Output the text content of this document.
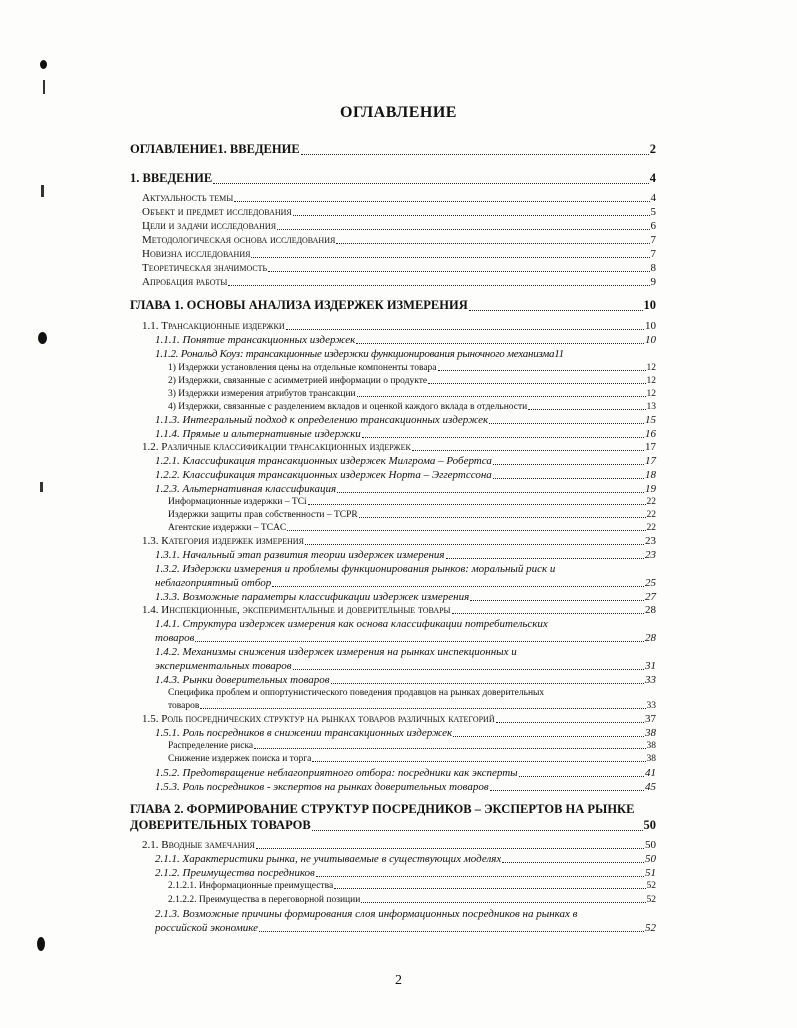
ОГЛАВЛЕНИЕ
ОГЛАВЛЕНИЕ1. ВВЕДЕНИЕ	2
1. ВВЕДЕНИЕ	4
Актуальность темы	4
Объект и предмет исследования	5
Цели и задачи исследования	6
Методологическая основа исследования	7
Новизна исследования	7
Теоретическая значимость	8
Апробация работы	9
ГЛАВА 1. ОСНОВЫ АНАЛИЗА ИЗДЕРЖЕК ИЗМЕРЕНИЯ	10
1.1. Трансакционные издержки	10
1.1.1. Понятие трансакционных издержек	10
1.1.2. Рональд Коуз: трансакционные издержки функционирования рыночного механизма 11
1) Издержки установления цены на отдельные компоненты товара	12
2) Издержки, связанные с асимметрией информации о продукте	12
3) Издержки измерения атрибутов трансакции	12
4) Издержки, связанные с разделением вкладов и оценкой каждого вклада в отдельности	13
1.1.3. Интегральный подход к определению трансакционных издержек	15
1.1.4. Прямые и альтернативные издержки	16
1.2. Различные классификации трансакционных издержек	17
1.2.1. Классификация трансакционных издержек Милгрома – Робертса	17
1.2.2. Классификация трансакционных издержек Норта – Эггертссона	18
1.2.3. Альтернативная классификация	19
Информационные издержки – TCi	22
Издержки защиты прав собственности – TCPR	22
Агентские издержки – TCAC	22
1.3. Категория издержек измерения	23
1.3.1. Начальный этап развития теории издержек измерения	23
1.3.2. Издержки измерения и проблемы функционирования рынков: моральный риск и
неблагоприятный отбор	25
1.3.3. Возможные параметры классификации издержек измерения	27
1.4. Инспекционные, экспериментальные и доверительные товары	28
1.4.1. Структура издержек измерения как основа классификации потребительских
товаров	28
1.4.2. Механизмы снижения издержек измерения на рынках инспекционных и
экспериментальных товаров	31
1.4.3. Рынки доверительных товаров	33
Специфика проблем и оппортунистического поведения продавцов на рынках доверительных
товаров	33
1.5. Роль посреднических структур на рынках товаров различных категорий	37
1.5.1. Роль посредников в снижении трансакционных издержек	38
Распределение риска	38
Снижение издержек поиска и торга	38
1.5.2. Предотвращение неблагоприятного отбора: посредники как эксперты	41
1.5.3. Роль посредников - экспертов на рынках доверительных товаров	45
ГЛАВА 2. ФОРМИРОВАНИЕ СТРУКТУР ПОСРЕДНИКОВ – ЭКСПЕРТОВ НА РЫНКЕ
ДОВЕРИТЕЛЬНЫХ ТОВАРОВ	50
2.1. Вводные замечания	50
2.1.1. Характеристики рынка, не учитываемые в существующих моделях	50
2.1.2. Преимущества посредников	51
2.1.2.1. Информационные преимущества	52
2.1.2.2. Преимущества в переговорной позиции	52
2.1.3. Возможные причины формирования слоя информационных посредников на рынках в
российской экономике	52
2
